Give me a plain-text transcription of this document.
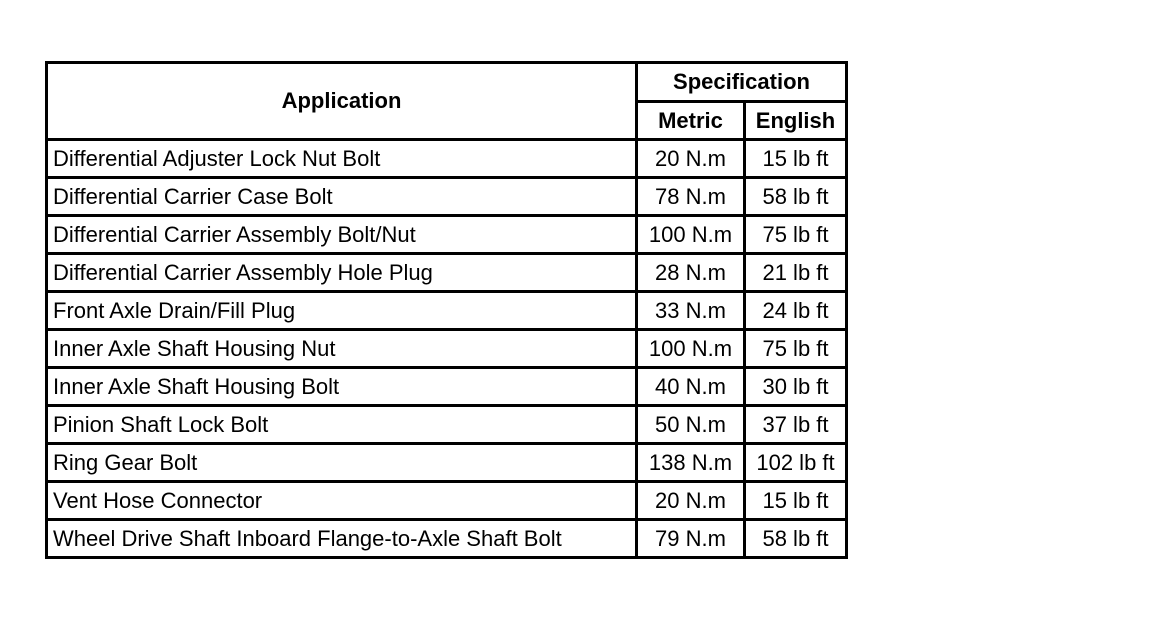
Application	Specification	
	Metric	English
Differential Adjuster Lock Nut Bolt	20 N.m	15 lb ft
Differential Carrier Case Bolt	78 N.m	58 lb ft
Differential Carrier Assembly Bolt/Nut	100 N.m	75 lb ft
Differential Carrier Assembly Hole Plug	28 N.m	21 lb ft
Front Axle Drain/Fill Plug	33 N.m	24 lb ft
Inner Axle Shaft Housing Nut	100 N.m	75 lb ft
Inner Axle Shaft Housing Bolt	40 N.m	30 lb ft
Pinion Shaft Lock Bolt	50 N.m	37 lb ft
Ring Gear Bolt	138 N.m	102 lb ft
Vent Hose Connector	20 N.m	15 lb ft
Wheel Drive Shaft Inboard Flange-to-Axle Shaft Bolt	79 N.m	58 lb ft
